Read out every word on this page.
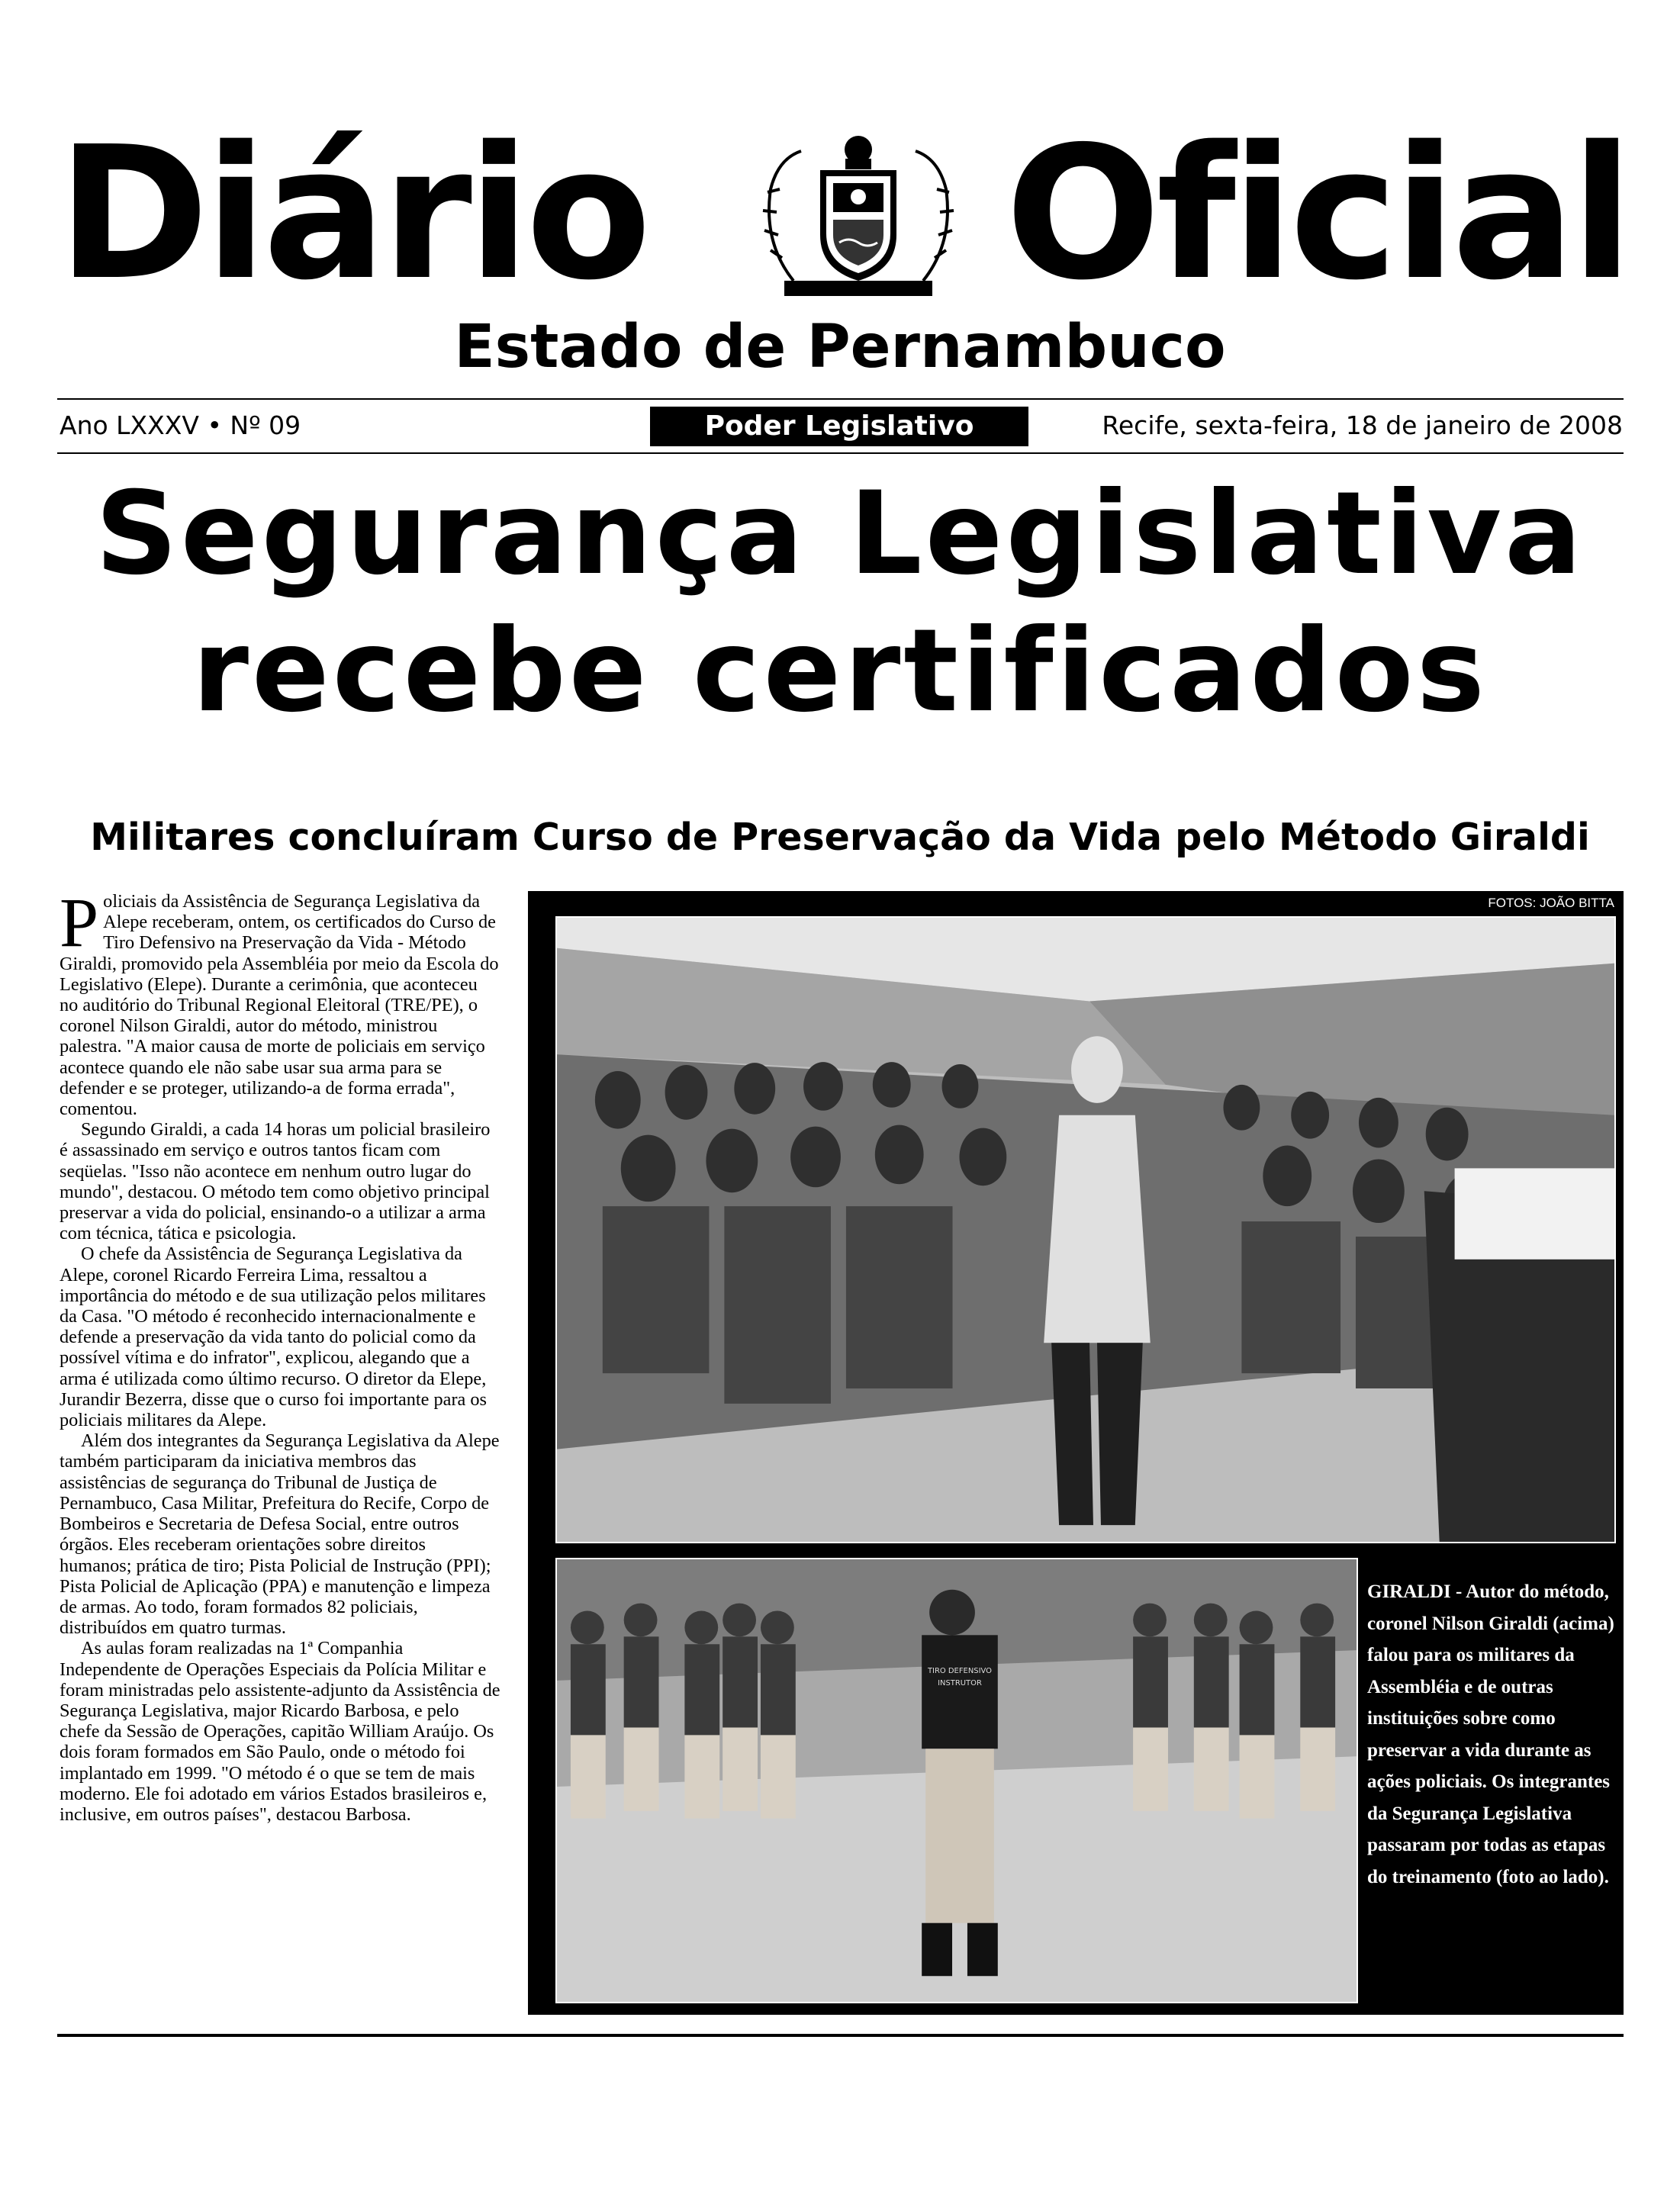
Diário Oficial
Estado de Pernambuco
Ano LXXXV • Nº 09	Poder Legislativo	Recife, sexta-feira, 18 de janeiro de 2008
Segurança Legislativa
recebe certificados
Militares concluíram Curso de Preservação da Vida pelo Método Giraldi

Policiais da Assistência de Segurança Legislativa da Alepe receberam, ontem, os certificados do Curso de Tiro Defensivo na Preservação da Vida - Método Giraldi, promovido pela Assembléia por meio da Escola do Legislativo (Elepe). Durante a cerimônia, que aconteceu no auditório do Tribunal Regional Eleitoral (TRE/PE), o coronel Nilson Giraldi, autor do método, ministrou palestra. "A maior causa de morte de policiais em serviço acontece quando ele não sabe usar sua arma para se defender e se proteger, utilizando-a de forma errada", comentou.

Segundo Giraldi, a cada 14 horas um policial brasileiro é assassinado em serviço e outros tantos ficam com seqüelas. "Isso não acontece em nenhum outro lugar do mundo", destacou. O método tem como objetivo principal preservar a vida do policial, ensinando-o a utilizar a arma com técnica, tática e psicologia.

O chefe da Assistência de Segurança Legislativa da Alepe, coronel Ricardo Ferreira Lima, ressaltou a importância do método e de sua utilização pelos militares da Casa. "O método é reconhecido internacionalmente e defende a preservação da vida tanto do policial como da possível vítima e do infrator", explicou, alegando que a arma é utilizada como último recurso. O diretor da Elepe, Jurandir Bezerra, disse que o curso foi importante para os policiais militares da Alepe.

Além dos integrantes da Segurança Legislativa da Alepe também participaram da iniciativa membros das assistências de segurança do Tribunal de Justiça de Pernambuco, Casa Militar, Prefeitura do Recife, Corpo de Bombeiros e Secretaria de Defesa Social, entre outros órgãos. Eles receberam orientações sobre direitos humanos; prática de tiro; Pista Policial de Instrução (PPI); Pista Policial de Aplicação (PPA) e manutenção e limpeza de armas. Ao todo, foram formados 82 policiais, distribuídos em quatro turmas.

As aulas foram realizadas na 1ª Companhia Independente de Operações Especiais da Polícia Militar e foram ministradas pelo assistente-adjunto da Assistência de Segurança Legislativa, major Ricardo Barbosa, e pelo chefe da Sessão de Operações, capitão William Araújo. Os dois foram formados em São Paulo, onde o método foi implantado em 1999. "O método é o que se tem de mais moderno. Ele foi adotado em vários Estados brasileiros e, inclusive, em outros países", destacou Barbosa.

FOTOS: JOÃO BITTA
TIRO DEFENSIVO
INSTRUTOR
GIRALDI - Autor do método, coronel Nilson Giraldi (acima) falou para os militares da Assembléia e de outras instituições sobre como preservar a vida durante as ações policiais. Os integrantes da Segurança Legislativa passaram por todas as etapas do treinamento (foto ao lado).
